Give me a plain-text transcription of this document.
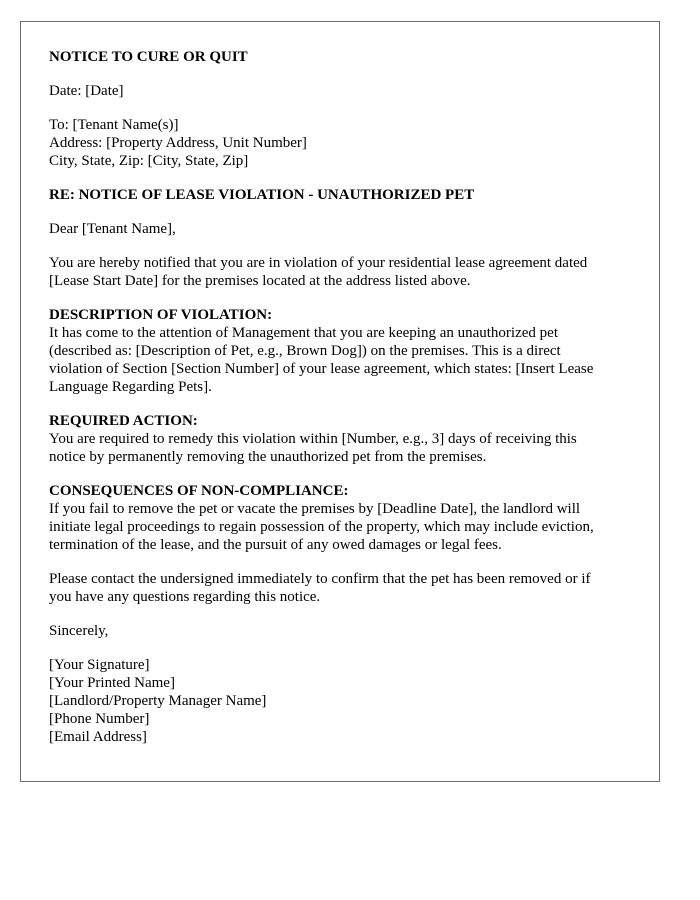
NOTICE TO CURE OR QUIT
Date: [Date]
To: [Tenant Name(s)]
Address: [Property Address, Unit Number]
City, State, Zip: [City, State, Zip]
RE: NOTICE OF LEASE VIOLATION - UNAUTHORIZED PET
Dear [Tenant Name],
You are hereby notified that you are in violation of your residential lease agreement dated
[Lease Start Date] for the premises located at the address listed above.
DESCRIPTION OF VIOLATION:
It has come to the attention of Management that you are keeping an unauthorized pet
(described as: [Description of Pet, e.g., Brown Dog]) on the premises. This is a direct
violation of Section [Section Number] of your lease agreement, which states: [Insert Lease
Language Regarding Pets].
REQUIRED ACTION:
You are required to remedy this violation within [Number, e.g., 3] days of receiving this
notice by permanently removing the unauthorized pet from the premises.
CONSEQUENCES OF NON-COMPLIANCE:
If you fail to remove the pet or vacate the premises by [Deadline Date], the landlord will
initiate legal proceedings to regain possession of the property, which may include eviction,
termination of the lease, and the pursuit of any owed damages or legal fees.
Please contact the undersigned immediately to confirm that the pet has been removed or if
you have any questions regarding this notice.
Sincerely,
[Your Signature]
[Your Printed Name]
[Landlord/Property Manager Name]
[Phone Number]
[Email Address]
